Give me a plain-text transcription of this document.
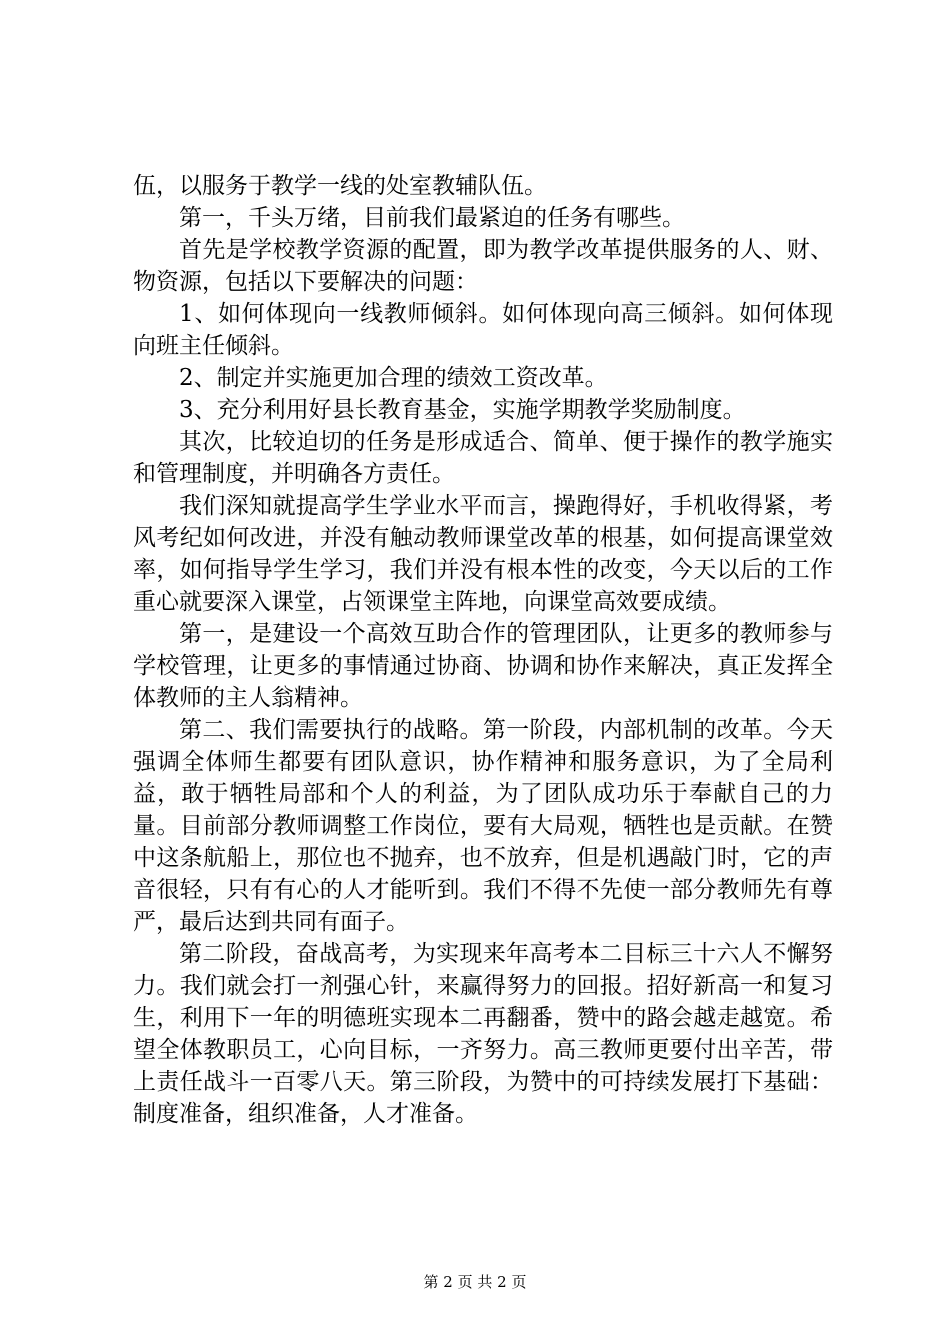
伍，以服务于教学一线的处室教辅队伍。

第一，千头万绪，目前我们最紧迫的任务有哪些。

首先是学校教学资源的配置，即为教学改革提供服务的人、财、物资源，包括以下要解决的问题：

1、如何体现向一线教师倾斜。如何体现向高三倾斜。如何体现向班主任倾斜。

2、制定并实施更加合理的绩效工资改革。

3、充分利用好县长教育基金，实施学期教学奖励制度。

其次，比较迫切的任务是形成适合、简单、便于操作的教学施实和管理制度，并明确各方责任。

我们深知就提高学生学业水平而言，操跑得好，手机收得紧，考风考纪如何改进，并没有触动教师课堂改革的根基，如何提高课堂效率，如何指导学生学习，我们并没有根本性的改变，今天以后的工作重心就要深入课堂，占领课堂主阵地，向课堂高效要成绩。

第一，是建设一个高效互助合作的管理团队，让更多的教师参与学校管理，让更多的事情通过协商、协调和协作来解决，真正发挥全体教师的主人翁精神。

第二、我们需要执行的战略。第一阶段，内部机制的改革。今天强调全体师生都要有团队意识，协作精神和服务意识，为了全局利益，敢于牺牲局部和个人的利益，为了团队成功乐于奉献自己的力量。目前部分教师调整工作岗位，要有大局观，牺牲也是贡献。在赞中这条航船上，那位也不抛弃，也不放弃，但是机遇敲门时，它的声音很轻，只有有心的人才能听到。我们不得不先使一部分教师先有尊严，最后达到共同有面子。

第二阶段，奋战高考，为实现来年高考本二目标三十六人不懈努力。我们就会打一剂强心针，来赢得努力的回报。招好新高一和复习生，利用下一年的明德班实现本二再翻番，赞中的路会越走越宽。希望全体教职员工，心向目标，一齐努力。高三教师更要付出辛苦，带上责任战斗一百零八天。第三阶段，为赞中的可持续发展打下基础：制度准备，组织准备，人才准备。

第 2 页 共 2 页
